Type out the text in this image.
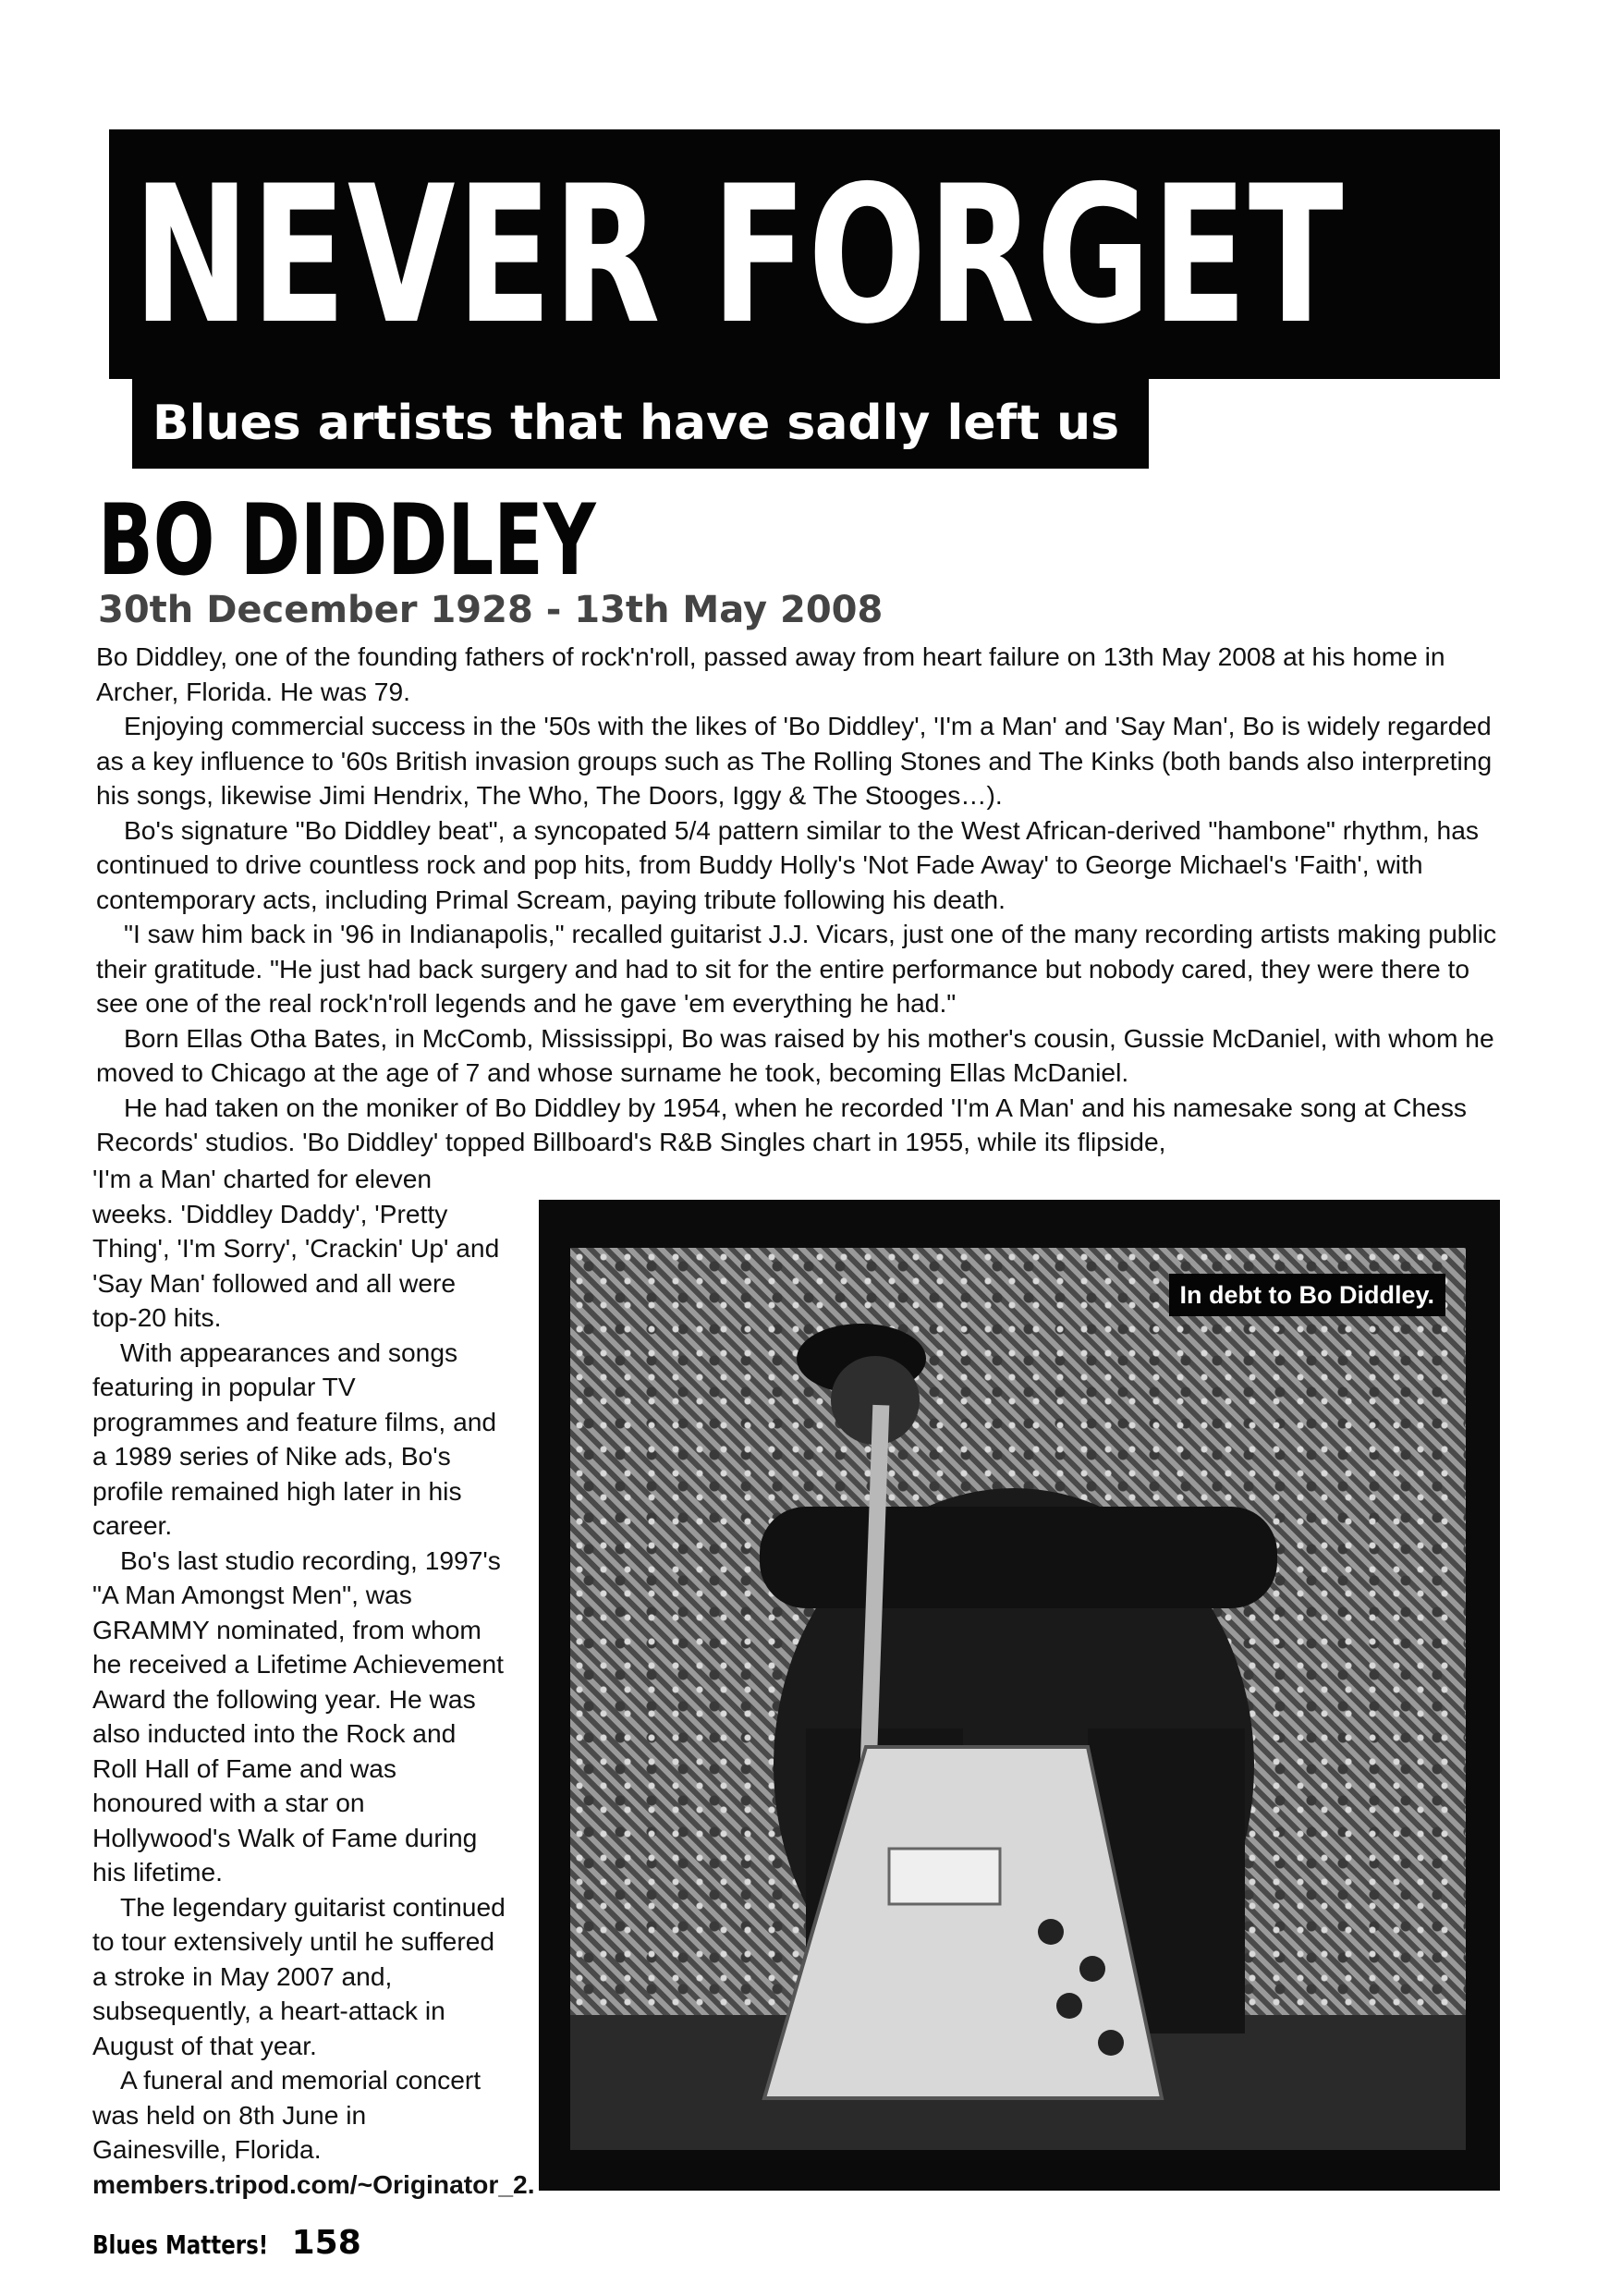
NEVER FORGET
Blues artists that have sadly left us
BO DIDDLEY
30th December 1928 - 13th May 2008

Bo Diddley, one of the founding fathers of rock'n'roll, passed away from heart failure on 13th May 2008 at his home in Archer, Florida. He was 79.

Enjoying commercial success in the '50s with the likes of 'Bo Diddley', 'I'm a Man' and 'Say Man', Bo is widely regarded as a key influence to '60s British invasion groups such as The Rolling Stones and The Kinks (both bands also interpreting his songs, likewise Jimi Hendrix, The Who, The Doors, Iggy & The Stooges…).

Bo's signature "Bo Diddley beat", a syncopated 5/4 pattern similar to the West African-derived "hambone" rhythm, has continued to drive countless rock and pop hits, from Buddy Holly's 'Not Fade Away' to George Michael's 'Faith', with contemporary acts, including Primal Scream, paying tribute following his death.

"I saw him back in '96 in Indianapolis," recalled guitarist J.J. Vicars, just one of the many recording artists making public their gratitude. "He just had back surgery and had to sit for the entire performance but nobody cared, they were there to see one of the real rock'n'roll legends and he gave 'em everything he had."

Born Ellas Otha Bates, in McComb, Mississippi, Bo was raised by his mother's cousin, Gussie McDaniel, with whom he moved to Chicago at the age of 7 and whose surname he took, becoming Ellas McDaniel.

He had taken on the moniker of Bo Diddley by 1954, when he recorded 'I'm A Man' and his namesake song at Chess Records' studios. 'Bo Diddley' topped Billboard's R&B Singles chart in 1955, while its flipside,

'I'm a Man' charted for eleven weeks. 'Diddley Daddy', 'Pretty Thing', 'I'm Sorry', 'Crackin' Up' and 'Say Man' followed and all were top-20 hits.

With appearances and songs featuring in popular TV programmes and feature films, and a 1989 series of Nike ads, Bo's profile remained high later in his career.

Bo's last studio recording, 1997's "A Man Amongst Men", was GRAMMY nominated, from whom he received a Lifetime Achievement Award the following year. He was also inducted into the Rock and Roll Hall of Fame and was honoured with a star on Hollywood's Walk of Fame during his lifetime.

The legendary guitarist continued to tour extensively until he suffered a stroke in May 2007 and, subsequently, a heart-attack in August of that year.

A funeral and memorial concert was held on 8th June in Gainesville, Florida. members.tripod.com/~Originator_2.

In debt to Bo Diddley.
Blues Matters! 158
